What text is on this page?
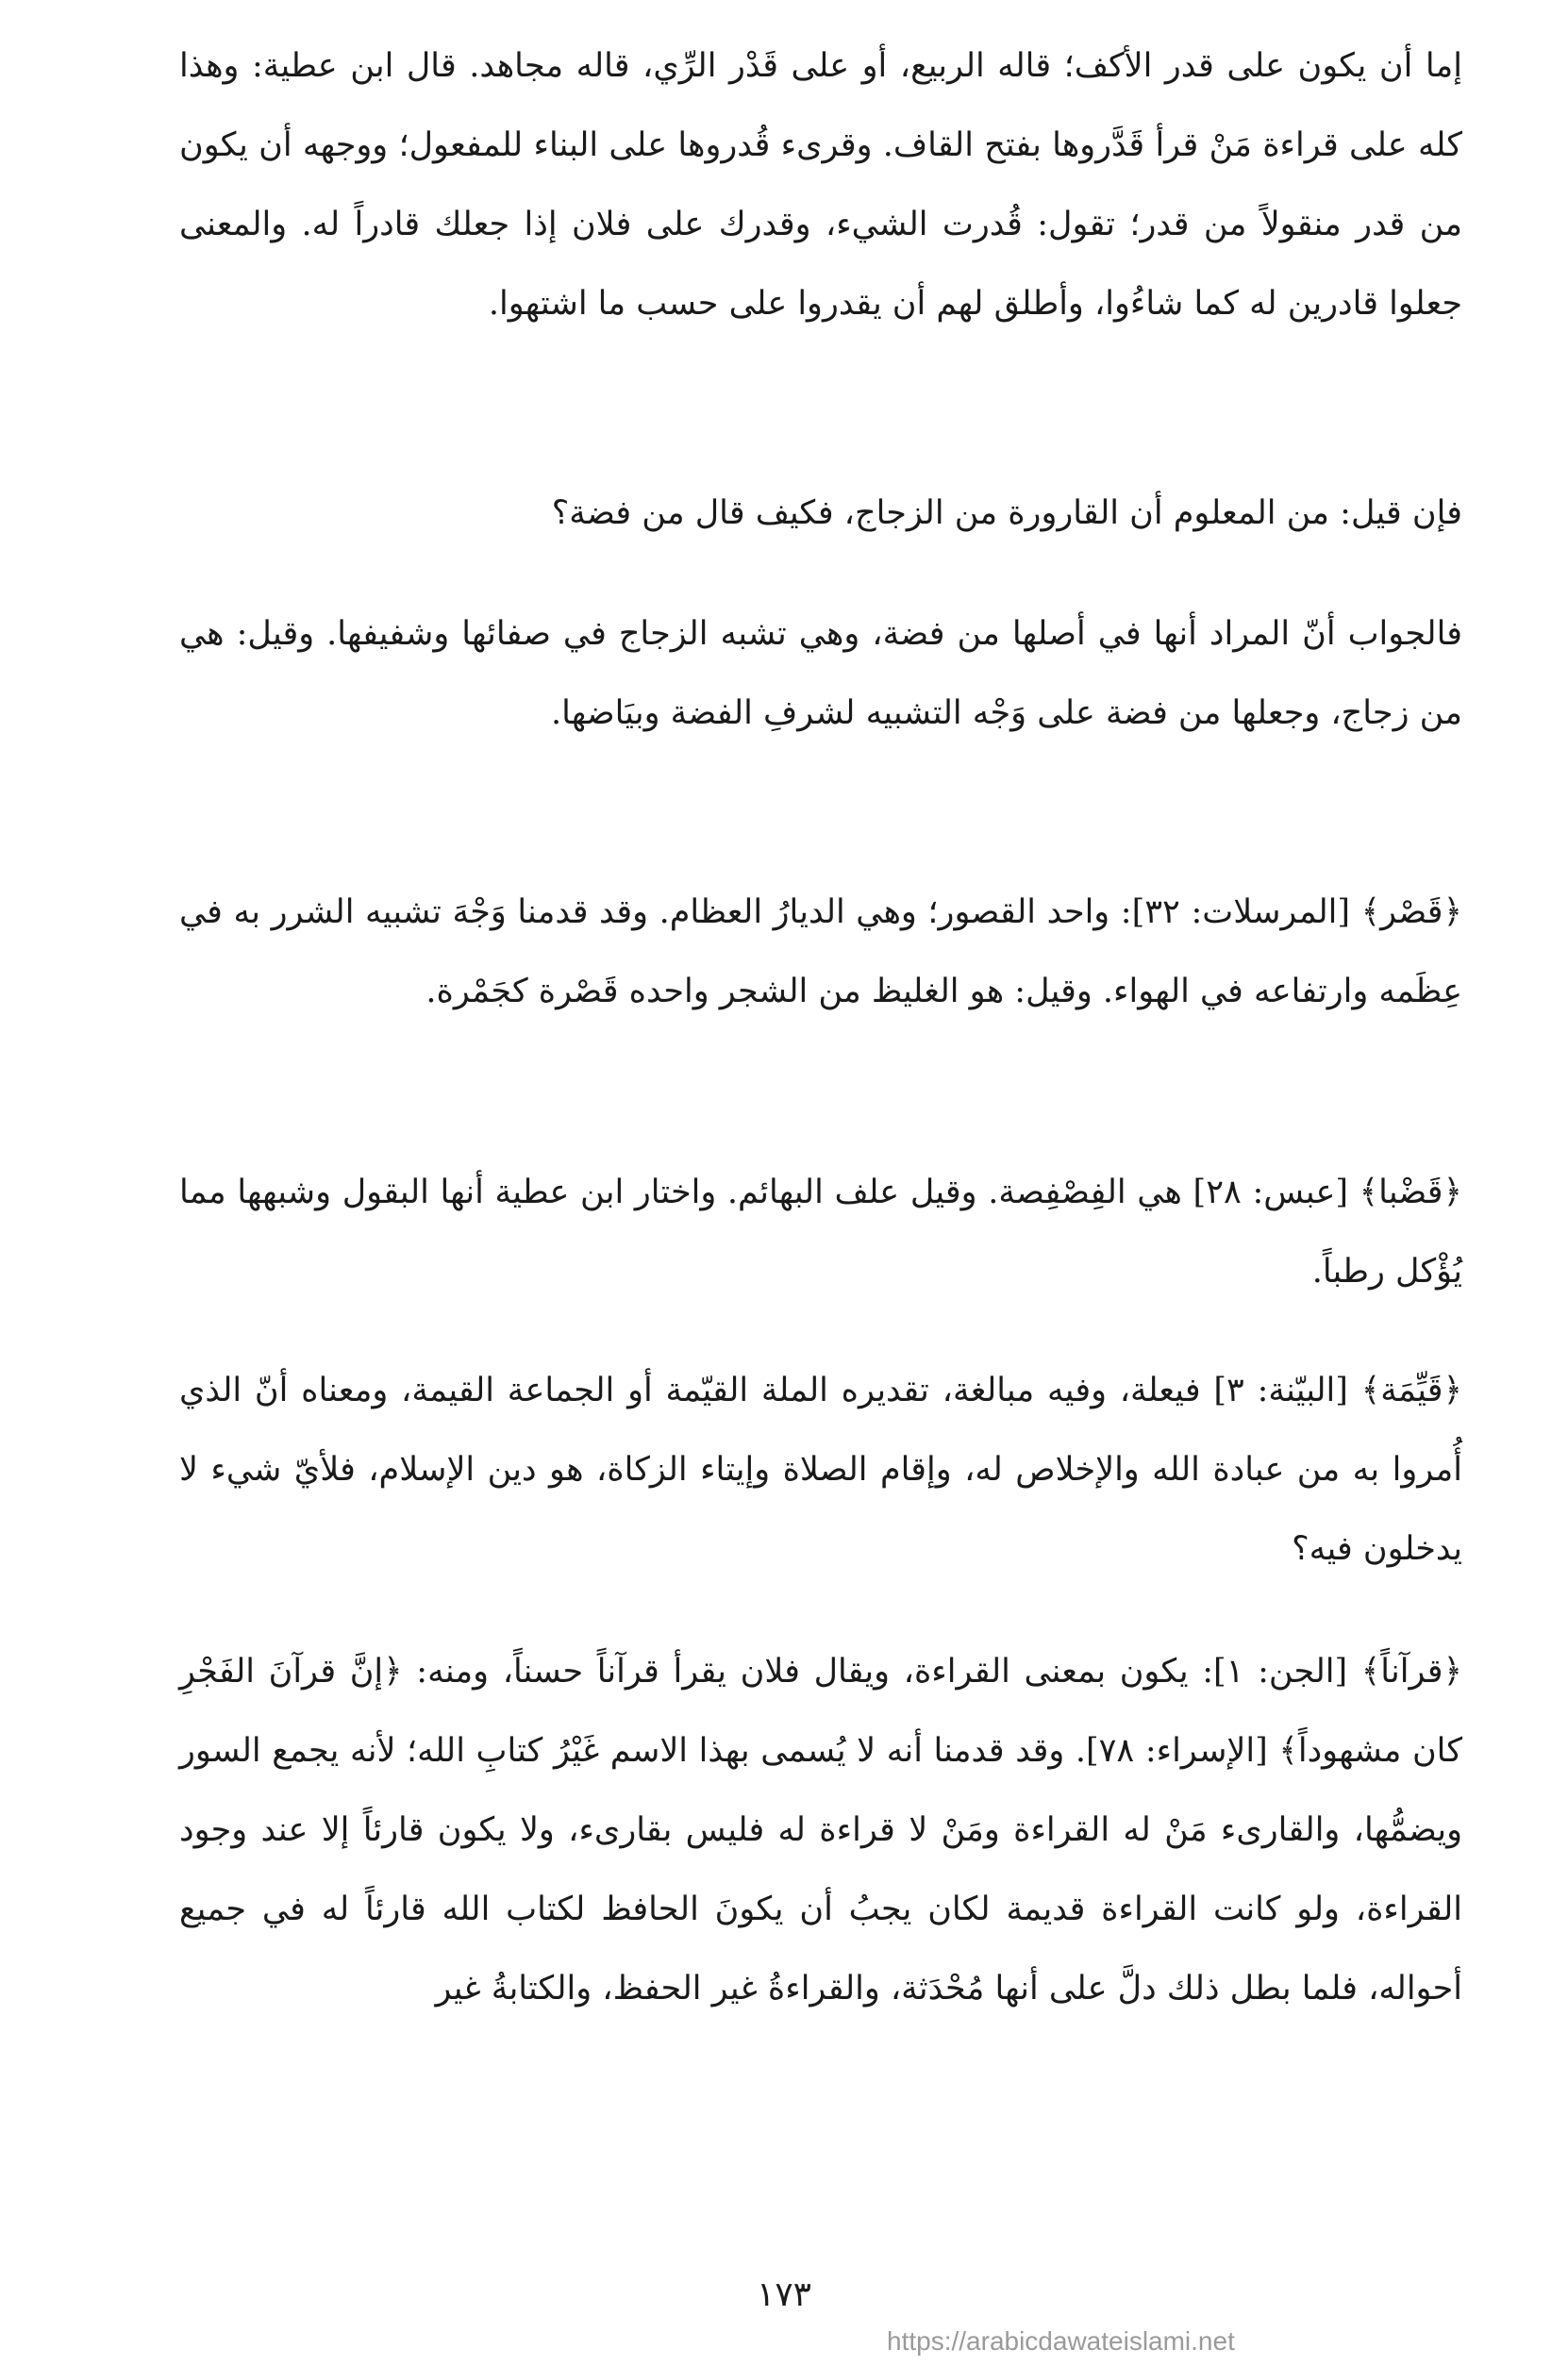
إما أن يكون على قدر الأكف؛ قاله الربيع، أو على قَدْر الرِّي، قاله مجاهد. قال ابن عطية: وهذا كله على قراءة مَنْ قرأ قَدَّروها بفتح القاف. وقرىء قُدروها على البناء للمفعول؛ ووجهه أن يكون من قدر منقولاً من قدر؛ تقول: قُدرت الشيء، وقدرك على فلان إذا جعلك قادراً له. والمعنى جعلوا قادرين له كما شاءُوا، وأطلق لهم أن يقدروا على حسب ما اشتهوا.
فإن قيل: من المعلوم أن القارورة من الزجاج، فكيف قال من فضة؟
فالجواب أنّ المراد أنها في أصلها من فضة، وهي تشبه الزجاج في صفائها وشفيفها. وقيل: هي من زجاج، وجعلها من فضة على وَجْه التشبيه لشرفِ الفضة وبيَاضها.
﴿قَصْر﴾ [المرسلات: ٣٢]: واحد القصور؛ وهي الديارُ العظام. وقد قدمنا وَجْهَ تشبيه الشرر به في عِظَمه وارتفاعه في الهواء. وقيل: هو الغليظ من الشجر واحده قَصْرة كجَمْرة.
﴿قَضْبا﴾ [عبس: ٢٨] هي الفِصْفِصة. وقيل علف البهائم. واختار ابن عطية أنها البقول وشبهها مما يُؤْكل رطباً.
﴿قَيِّمَة﴾ [البيّنة: ٣] فيعلة، وفيه مبالغة، تقديره الملة القيّمة أو الجماعة القيمة، ومعناه أنّ الذي أُمروا به من عبادة الله والإخلاص له، وإقام الصلاة وإيتاء الزكاة، هو دين الإسلام، فلأيّ شيء لا يدخلون فيه؟
﴿قرآناً﴾ [الجن: ١]: يكون بمعنى القراءة، ويقال فلان يقرأ قرآناً حسناً، ومنه: ﴿إنَّ قرآنَ الفَجْرِ كان مشهوداً﴾ [الإسراء: ٧٨]. وقد قدمنا أنه لا يُسمى بهذا الاسم غَيْرُ كتابِ الله؛ لأنه يجمع السور ويضمُّها، والقارىء مَنْ له القراءة ومَنْ لا قراءة له فليس بقارىء، ولا يكون قارئاً إلا عند وجود القراءة، ولو كانت القراءة قديمة لكان يجبُ أن يكونَ الحافظ لكتاب الله قارئاً له في جميع أحواله، فلما بطل ذلك دلَّ على أنها مُحْدَثة، والقراءةُ غير الحفظ، والكتابةُ غير
١٧٣
https://arabicdawateislami.net
